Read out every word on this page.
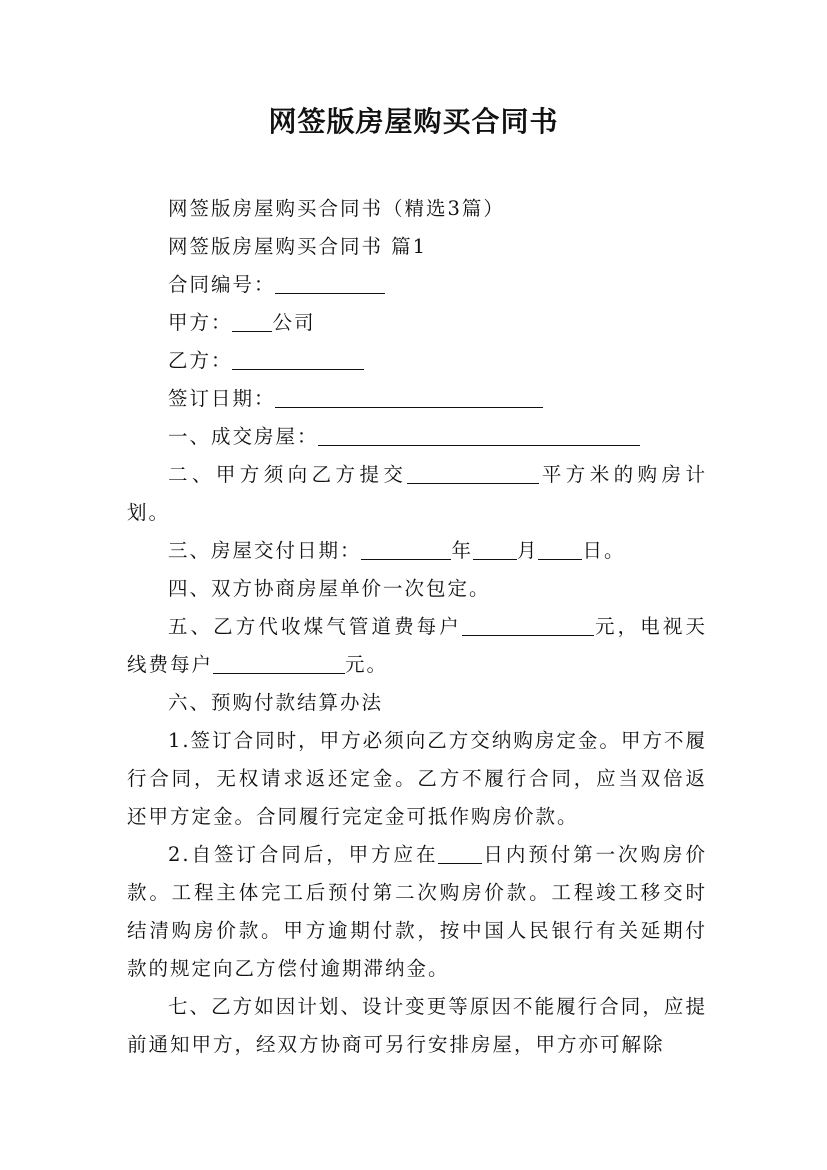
网签版房屋购买合同书

网签版房屋购买合同书（精选3篇）

网签版房屋购买合同书 篇1

合同编号：

甲方： 公司

乙方：

签订日期：

一、成交房屋：

二、甲方须向乙方提交	平方米的购房计划。

三、房屋交付日期：	年 月 日。

四、双方协商房屋单价一次包定。

五、乙方代收煤气管道费每户	元，电视天线费每户	元。

六、预购付款结算办法

1.签订合同时，甲方必须向乙方交纳购房定金。甲方不履行合同，无权请求返还定金。乙方不履行合同，应当双倍返还甲方定金。合同履行完定金可抵作购房价款。

2.自签订合同后，甲方应在 日内预付第一次购房价款。工程主体完工后预付第二次购房价款。工程竣工移交时结清购房价款。甲方逾期付款，按中国人民银行有关延期付款的规定向乙方偿付逾期滞纳金。

七、乙方如因计划、设计变更等原因不能履行合同，应提前通知甲方，经双方协商可另行安排房屋，甲方亦可解除
